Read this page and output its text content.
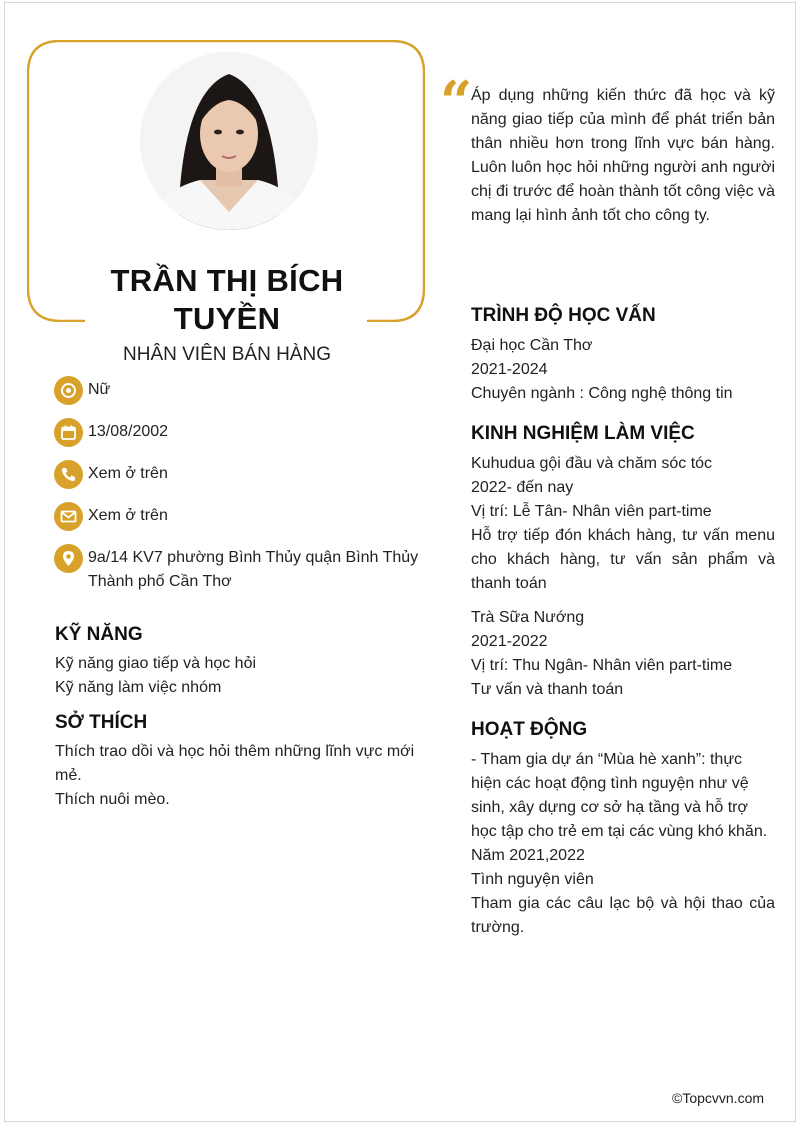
TRẦN THỊ BÍCH
TUYỀN
NHÂN VIÊN BÁN HÀNG
Nữ
13/08/2002
Xem ở trên
Xem ở trên
9a/14 KV7 phường Bình Thủy quận Bình Thủy Thành phố Cần Thơ
KỸ NĂNG
Kỹ năng giao tiếp và học hỏi
Kỹ năng làm việc nhóm
SỞ THÍCH
Thích trao dồi và học hỏi thêm những lĩnh vực mới mẻ.
Thích nuôi mèo.
“
Áp dụng những kiến thức đã học và kỹ năng giao tiếp của mình để phát triển bản thân nhiều hơn trong lĩnh vực bán hàng. Luôn luôn học hỏi những người anh người chị đi trước để hoàn thành tốt công việc và mang lại hình ảnh tốt cho công ty.
TRÌNH ĐỘ HỌC VẤN
Đại học Cần Thơ
2021-2024
Chuyên ngành : Công nghệ thông tin
KINH NGHIỆM LÀM VIỆC
Kuhudua gội đầu và chăm sóc tóc
2022- đến nay
Vị trí: Lễ Tân- Nhân viên part-time
Hỗ trợ tiếp đón khách hàng, tư vấn menu cho khách hàng, tư vấn sản phẩm và thanh toán
Trà Sữa Nướng
2021-2022
Vị trí: Thu Ngân- Nhân viên part-time
Tư vấn và thanh toán
HOẠT ĐỘNG
- Tham gia dự án “Mùa hè xanh”: thực hiện các hoạt động tình nguyện như vệ sinh, xây dựng cơ sở hạ tầng và hỗ trợ học tập cho trẻ em tại các vùng khó khăn.
Năm 2021,2022
Tình nguyện viên
Tham gia các câu lạc bộ và hội thao của trường.
©Topcvvn.com
